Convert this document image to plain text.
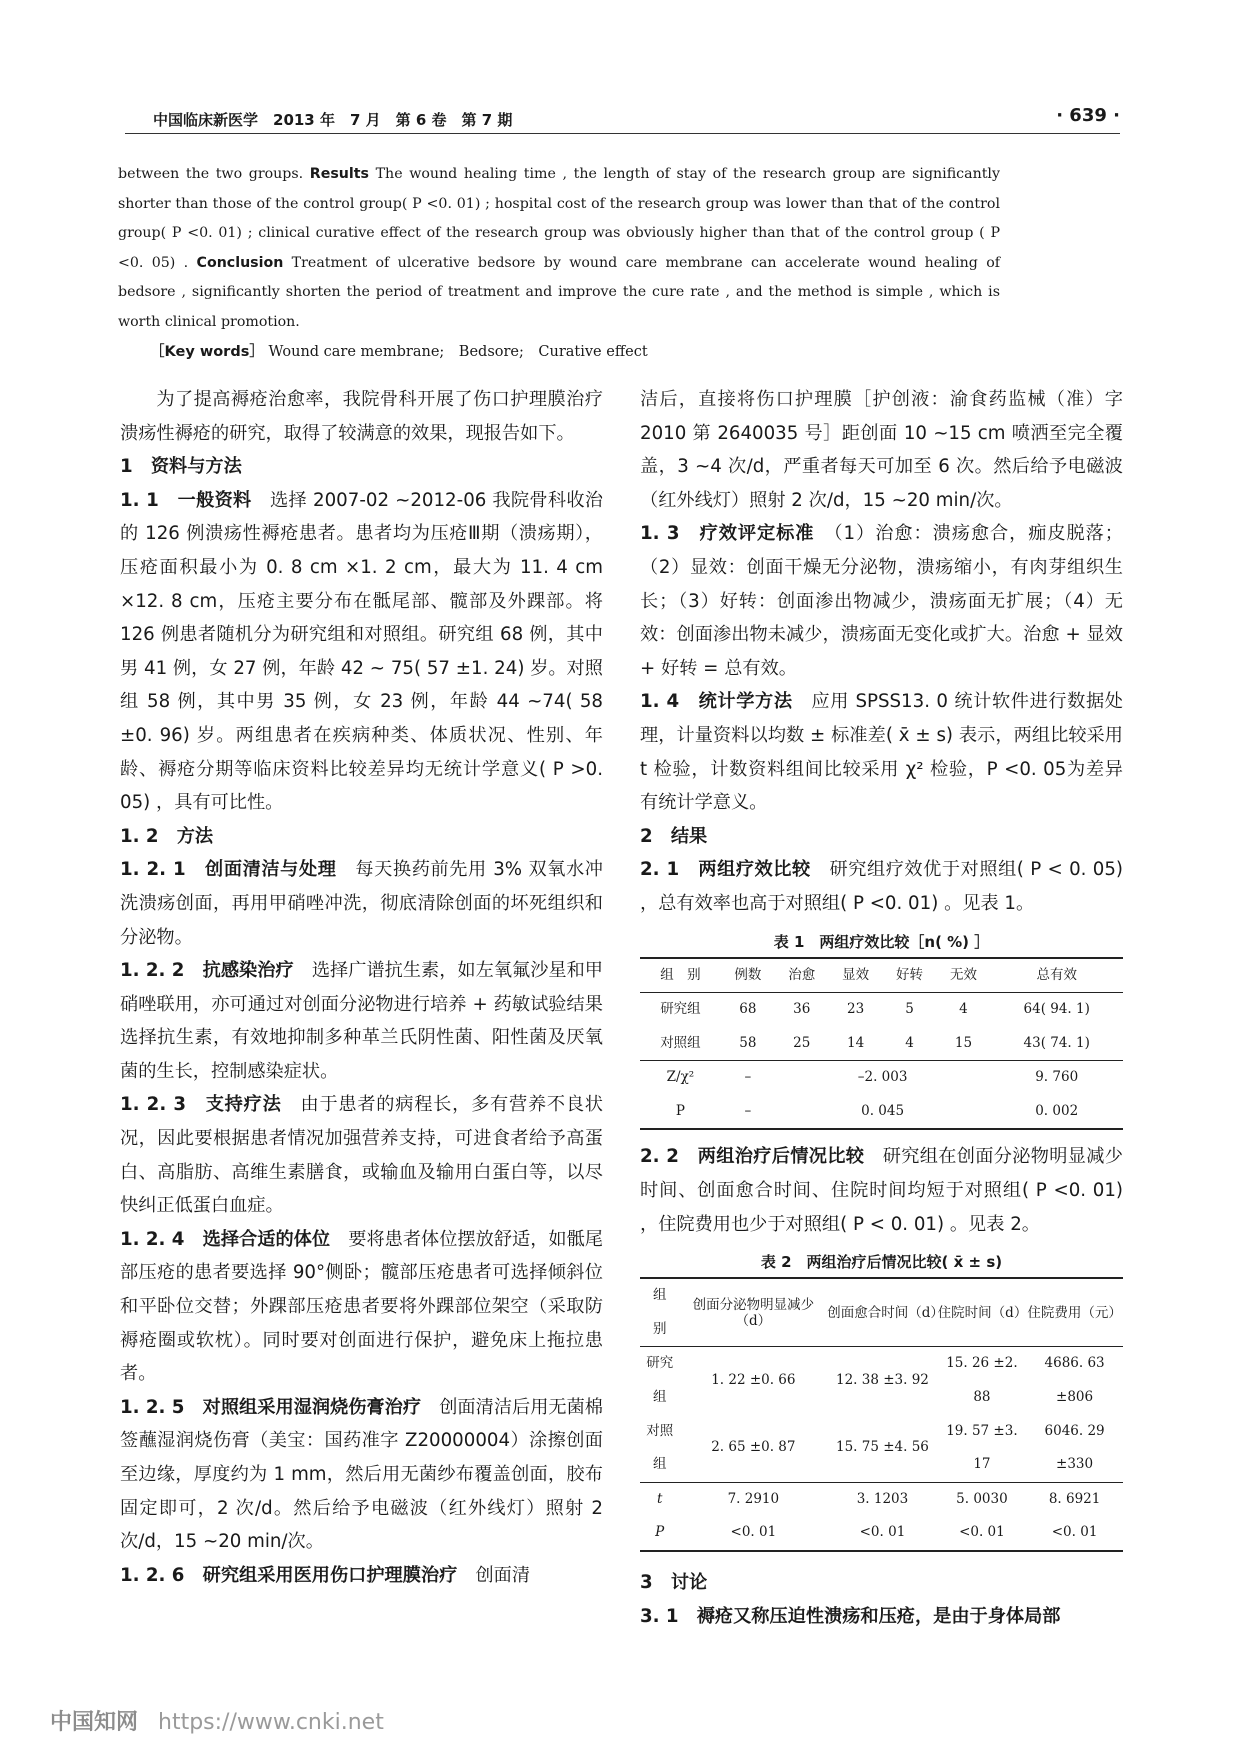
中国临床新医学　2013 年　7 月　第 6 卷　第 7 期	· 639 ·
between the two groups. Results The wound healing time , the length of stay of the research group are significantly shorter than those of the control group( P <0. 01) ; hospital cost of the research group was lower than that of the control group( P <0. 01) ; clinical curative effect of the research group was obviously higher than that of the control group ( P <0. 05) . Conclusion Treatment of ulcerative bedsore by wound care membrane can accelerate wound healing of bedsore , significantly shorten the period of treatment and improve the cure rate , and the method is simple , which is worth clinical promotion.
［Key words］ Wound care membrane;　Bedsore;　Curative effect

为了提高褥疮治愈率，我院骨科开展了伤口护理膜治疗溃疡性褥疮的研究，取得了较满意的效果，现报告如下。

1　资料与方法

1. 1　一般资料　选择 2007-02 ~2012-06 我院骨科收治的 126 例溃疡性褥疮患者。患者均为压疮Ⅲ期（溃疡期），压疮面积最小为 0. 8 cm ×1. 2 cm，最大为 11. 4 cm ×12. 8 cm，压疮主要分布在骶尾部、髋部及外踝部。将 126 例患者随机分为研究组和对照组。研究组 68 例，其中男 41 例，女 27 例，年龄 42 ~ 75( 57 ±1. 24) 岁。对照组 58 例，其中男 35 例，女 23 例，年龄 44 ~74( 58 ±0. 96) 岁。两组患者在疾病种类、体质状况、性别、年龄、褥疮分期等临床资料比较差异均无统计学意义( P >0. 05) ，具有可比性。

1. 2　方法

1. 2. 1　创面清洁与处理　每天换药前先用 3% 双氧水冲洗溃疡创面，再用甲硝唑冲洗，彻底清除创面的坏死组织和分泌物。

1. 2. 2　抗感染治疗　选择广谱抗生素，如左氧氟沙星和甲硝唑联用，亦可通过对创面分泌物进行培养 + 药敏试验结果选择抗生素，有效地抑制多种革兰氏阴性菌、阳性菌及厌氧菌的生长，控制感染症状。

1. 2. 3　支持疗法　由于患者的病程长，多有营养不良状况，因此要根据患者情况加强营养支持，可进食者给予高蛋白、高脂肪、高维生素膳食，或输血及输用白蛋白等，以尽快纠正低蛋白血症。

1. 2. 4　选择合适的体位　要将患者体位摆放舒适，如骶尾部压疮的患者要选择 90°侧卧；髋部压疮患者可选择倾斜位和平卧位交替；外踝部压疮患者要将外踝部位架空（采取防褥疮圈或软枕）。同时要对创面进行保护，避免床上拖拉患者。

1. 2. 5　对照组采用湿润烧伤膏治疗　创面清洁后用无菌棉签蘸湿润烧伤膏（美宝：国药准字 Z20000004）涂擦创面至边缘，厚度约为 1 mm，然后用无菌纱布覆盖创面，胶布固定即可，2 次/d。然后给予电磁波（红外线灯）照射 2 次/d，15 ~20 min/次。

1. 2. 6　研究组采用医用伤口护理膜治疗　创面清

洁后，直接将伤口护理膜［护创液：渝食药监械（准）字 2010 第 2640035 号］距创面 10 ~15 cm 喷洒至完全覆盖，3 ~4 次/d，严重者每天可加至 6 次。然后给予电磁波（红外线灯）照射 2 次/d，15 ~20 min/次。

1. 3　疗效评定标准　（1）治愈：溃疡愈合，痂皮脱落；（2）显效：创面干燥无分泌物，溃疡缩小，有肉芽组织生长；（3）好转：创面渗出物减少，溃疡面无扩展；（4）无效：创面渗出物未减少，溃疡面无变化或扩大。治愈 + 显效 + 好转 = 总有效。

1. 4　统计学方法　应用 SPSS13. 0 统计软件进行数据处理，计量资料以均数 ± 标准差( x̄ ± s) 表示，两组比较采用 t 检验，计数资料组间比较采用 χ² 检验，P <0. 05为差异有统计学意义。

2　结果

2. 1　两组疗效比较　研究组疗效优于对照组( P < 0. 05) ，总有效率也高于对照组( P <0. 01) 。见表 1。

表 1　两组疗效比较［n( %) ］
组　别	例数	治愈	显效	好转	无效	总有效
研究组	68	36	23	5	4	64( 94. 1)
对照组	58	25	14	4	15	43( 74. 1)
Z/χ²	–	–2. 003				9. 760
P	–	0. 045				0. 002

2. 2　两组治疗后情况比较　研究组在创面分泌物明显减少时间、创面愈合时间、住院时间均短于对照组( P <0. 01) ，住院费用也少于对照组( P < 0. 01) 。见表 2。

表 2　两组治疗后情况比较( x̄ ± s)
组　别	创面分泌物明显减少（d）	创面愈合时间（d）	住院时间（d）	住院费用（元）
研究组	1. 22 ±0. 66	12. 38 ±3. 92	15. 26 ±2. 88	4686. 63 ±806
对照组	2. 65 ±0. 87	15. 75 ±4. 56	19. 57 ±3. 17	6046. 29 ±330
t	7. 2910	3. 1203	5. 0030	8. 6921
P	<0. 01	<0. 01	<0. 01	<0. 01

3　讨论

3. 1　褥疮又称压迫性溃疡和压疮，是由于身体局部

中国知网 https://www.cnki.net
